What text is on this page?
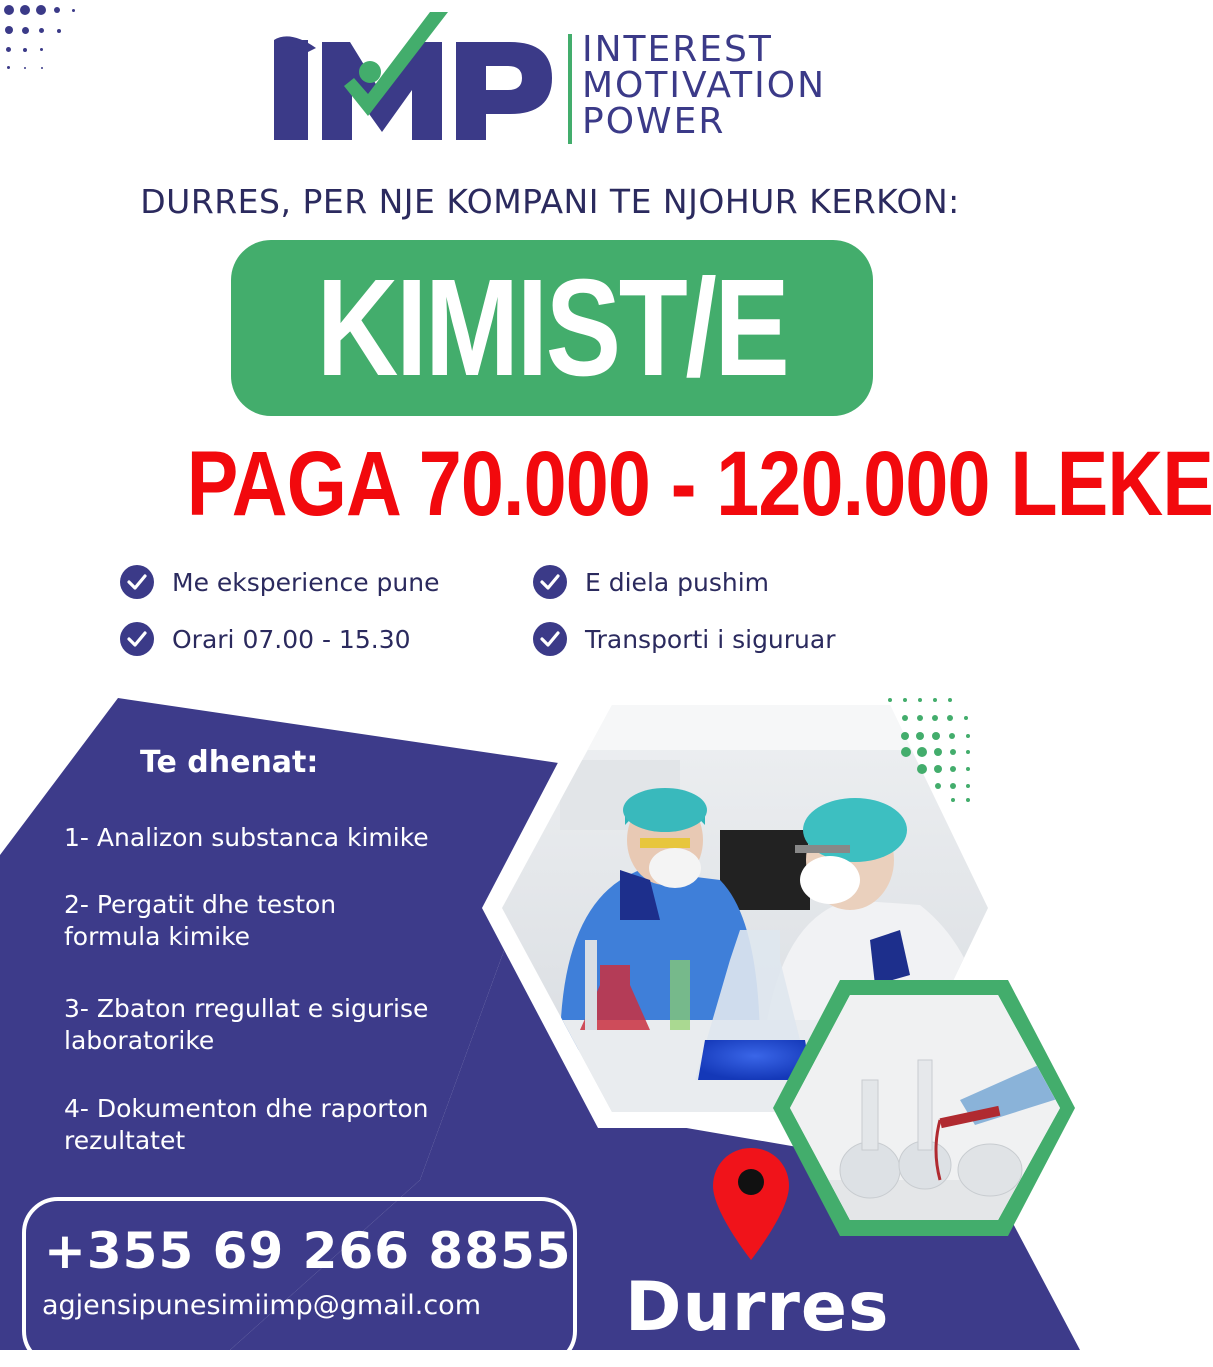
INTEREST
MOTIVATION
POWER
DURRES, PER NJE KOMPANI TE NJOHUR KERKON:
KIMIST/E
PAGA 70.000 - 120.000 LEKE
Me eksperience pune	E diela pushim
Orari 07.00 - 15.30	Transporti i siguruar
Te dhenat:
1- Analizon substanca kimike
2- Pergatit dhe teston formula kimike
3- Zbaton rregullat e sigurise laboratorike
4- Dokumenton dhe raporton rezultatet
+355 69 266 8855
agjensipunesimiimp@gmail.com Durres
